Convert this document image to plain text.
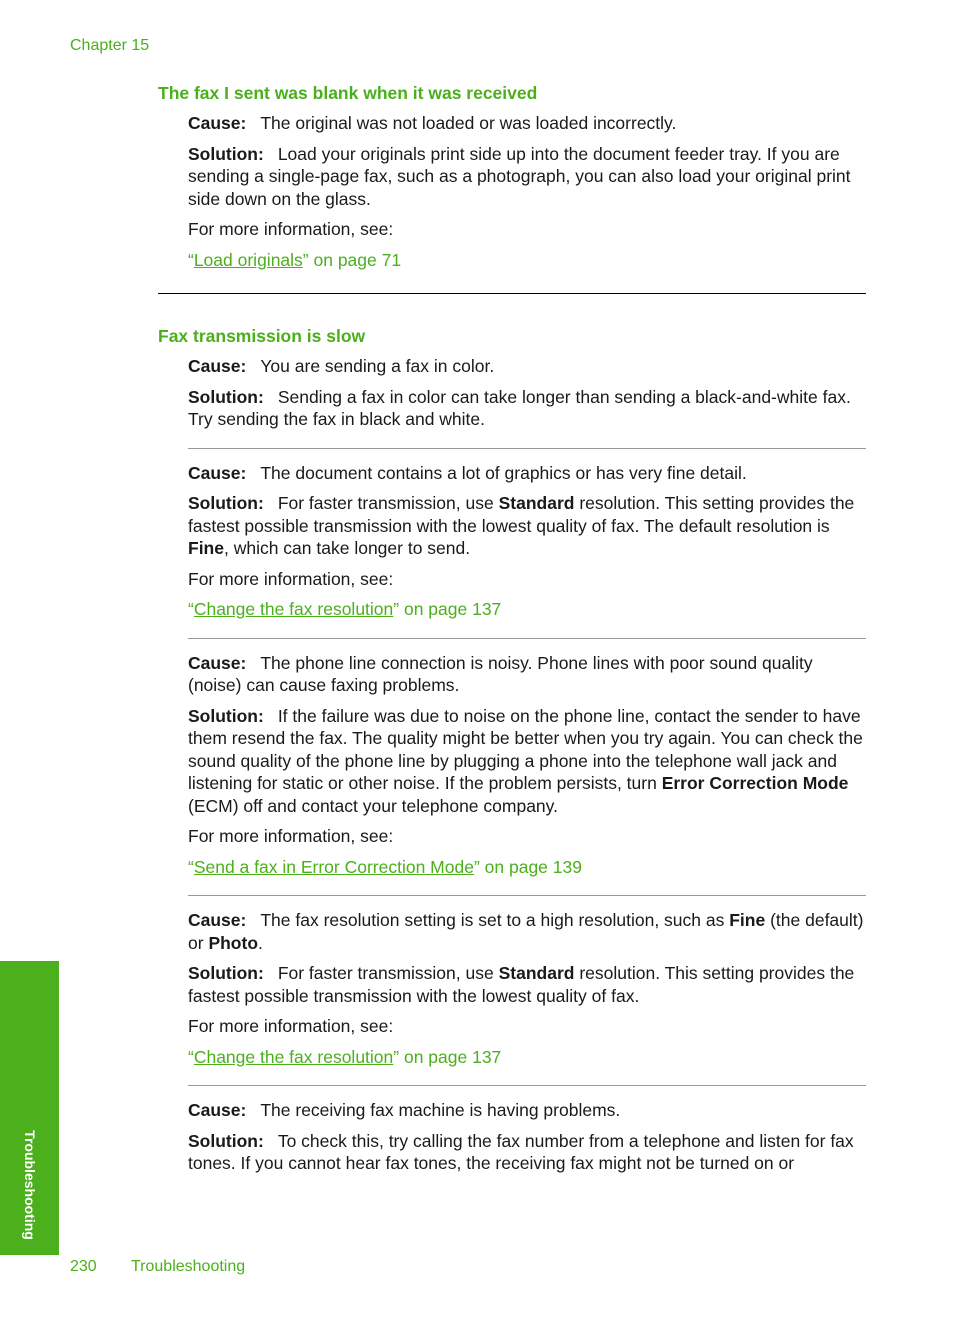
Chapter 15
The fax I sent was blank when it was received

Cause: The original was not loaded or was loaded incorrectly.

Solution: Load your originals print side up into the document feeder tray. If you are sending a single-page fax, such as a photograph, you can also load your original print side down on the glass.

For more information, see:

“Load originals” on page 71

Fax transmission is slow

Cause: You are sending a fax in color.

Solution: Sending a fax in color can take longer than sending a black-and-white fax. Try sending the fax in black and white.

Cause: The document contains a lot of graphics or has very fine detail.

Solution: For faster transmission, use Standard resolution. This setting provides the fastest possible transmission with the lowest quality of fax. The default resolution is Fine, which can take longer to send.

For more information, see:

“Change the fax resolution” on page 137

Cause: The phone line connection is noisy. Phone lines with poor sound quality (noise) can cause faxing problems.

Solution: If the failure was due to noise on the phone line, contact the sender to have them resend the fax. The quality might be better when you try again. You can check the sound quality of the phone line by plugging a phone into the telephone wall jack and listening for static or other noise. If the problem persists, turn Error Correction Mode (ECM) off and contact your telephone company.

For more information, see:

“Send a fax in Error Correction Mode” on page 139

Cause: The fax resolution setting is set to a high resolution, such as Fine (the default) or Photo.

Solution: For faster transmission, use Standard resolution. This setting provides the fastest possible transmission with the lowest quality of fax.

For more information, see:

“Change the fax resolution” on page 137

Cause: The receiving fax machine is having problems.

Solution: To check this, try calling the fax number from a telephone and listen for fax tones. If you cannot hear fax tones, the receiving fax might not be turned on or

Troubleshooting
230 Troubleshooting
